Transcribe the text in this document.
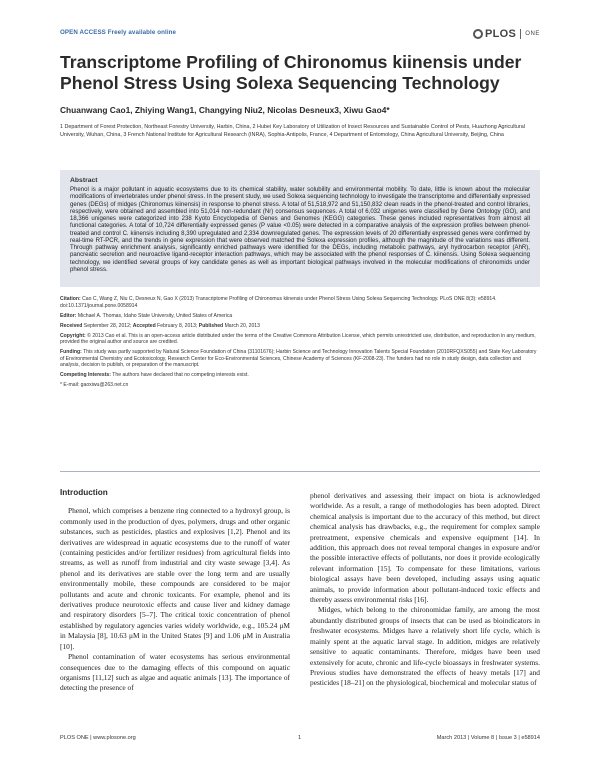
OPEN ACCESS Freely available online	PLOS ONE
Transcriptome Profiling of Chironomus kiinensis under Phenol Stress Using Solexa Sequencing Technology
Chuanwang Cao1, Zhiying Wang1, Changying Niu2, Nicolas Desneux3, Xiwu Gao4*
1 Department of Forest Protection, Northeast Forestry University, Harbin, China, 2 Hubei Key Laboratory of Utilization of Insect Resources and Sustainable Control of Pests, Huazhong Agricultural University, Wuhan, China, 3 French National Institute for Agricultural Research (INRA), Sophia-Antipolis, France, 4 Department of Entomology, China Agricultural University, Beijing, China
Abstract
Phenol is a major pollutant in aquatic ecosystems due to its chemical stability, water solubility and environmental mobility. To date, little is known about the molecular modifications of invertebrates under phenol stress. In the present study, we used Solexa sequencing technology to investigate the transcriptome and differentially expressed genes (DEGs) of midges (Chironomus kiinensis) in response to phenol stress. A total of 51,518,972 and 51,150,832 clean reads in the phenol-treated and control libraries, respectively, were obtained and assembled into 51,014 non-redundant (Nr) consensus sequences. A total of 6,032 unigenes were classified by Gene Ontology (GO), and 18,366 unigenes were categorized into 238 Kyoto Encyclopedia of Genes and Genomes (KEGG) categories. These genes included representatives from almost all functional categories. A total of 10,724 differentially expressed genes (P value <0.05) were detected in a comparative analysis of the expression profiles between phenol-treated and control C. kiinensis including 8,390 upregulated and 2,334 downregulated genes. The expression levels of 20 differentially expressed genes were confirmed by real-time RT-PCR, and the trends in gene expression that were observed matched the Solexa expression profiles, although the magnitude of the variations was different. Through pathway enrichment analysis, significantly enriched pathways were identified for the DEGs, including metabolic pathways, aryl hydrocarbon receptor (AhR), pancreatic secretion and neuroactive ligand-receptor interaction pathways, which may be associated with the phenol responses of C. kiinensis. Using Solexa sequencing technology, we identified several groups of key candidate genes as well as important biological pathways involved in the molecular modifications of chironomids under phenol stress.

Citation: Cao C, Wang Z, Niu C, Desneux N, Gao X (2013) Transcriptome Profiling of Chironomus kiinensis under Phenol Stress Using Solexa Sequencing Technology. PLoS ONE 8(3): e58914. doi:10.1371/journal.pone.0058914

Editor: Michael A. Thomas, Idaho State University, United States of America

Received September 28, 2012; Accepted February 8, 2013; Published March 20, 2013

Copyright: © 2013 Cao et al. This is an open-access article distributed under the terms of the Creative Commons Attribution License, which permits unrestricted use, distribution, and reproduction in any medium, provided the original author and source are credited.

Funding: This study was partly supported by Natural Science Foundation of China (31101676); Harbin Science and Technology Innovation Talents Special Foundation (2010RFQXS055) and State Key Laboratory of Environmental Chemistry and Ecotoxicology, Research Center for Eco-Environmental Sciences, Chinese Academy of Sciences (KF-2008-23). The funders had no role in study design, data collection and analysis, decision to publish, or preparation of the manuscript.

Competing Interests: The authors have declared that no competing interests exist.

* E-mail: gaoxiwu@263.net.cn

Introduction

Phenol, which comprises a benzene ring connected to a hydroxyl group, is commonly used in the production of dyes, polymers, drugs and other organic substances, such as pesticides, plastics and explosives [1,2]. Phenol and its derivatives are widespread in aquatic ecosystems due to the runoff of water (containing pesticides and/or fertilizer residues) from agricultural fields into streams, as well as runoff from industrial and city waste sewage [3,4]. As phenol and its derivatives are stable over the long term and are usually environmentally mobile, these compounds are considered to be major pollutants and acute and chronic toxicants. For example, phenol and its derivatives produce neurotoxic effects and cause liver and kidney damage and respiratory disorders [5–7]. The critical toxic concentration of phenol established by regulatory agencies varies widely worldwide, e.g., 105.24 μM in Malaysia [8], 10.63 μM in the United States [9] and 1.06 μM in Australia [10].

Phenol contamination of water ecosystems has serious environmental consequences due to the damaging effects of this compound on aquatic organisms [11,12] such as algae and aquatic animals [13]. The importance of detecting the presence of

phenol derivatives and assessing their impact on biota is acknowledged worldwide. As a result, a range of methodologies has been adopted. Direct chemical analysis is important due to the accuracy of this method, but direct chemical analysis has drawbacks, e.g., the requirement for complex sample pretreatment, expensive chemicals and expensive equipment [14]. In addition, this approach does not reveal temporal changes in exposure and/or the possible interactive effects of pollutants, nor does it provide ecologically relevant information [15]. To compensate for these limitations, various biological assays have been developed, including assays using aquatic animals, to provide information about pollutant-induced toxic effects and thereby assess environmental risks [16].

Midges, which belong to the chironomidae family, are among the most abundantly distributed groups of insects that can be used as bioindicators in freshwater ecosystems. Midges have a relatively short life cycle, which is mainly spent at the aquatic larval stage. In addition, midges are relatively sensitive to aquatic contaminants. Therefore, midges have been used extensively for acute, chronic and life-cycle bioassays in freshwater systems. Previous studies have demonstrated the effects of heavy metals [17] and pesticides [18–21] on the physiological, biochemical and molecular status of

PLOS ONE | www.plosone.org	1	March 2013 | Volume 8 | Issue 3 | e58914
